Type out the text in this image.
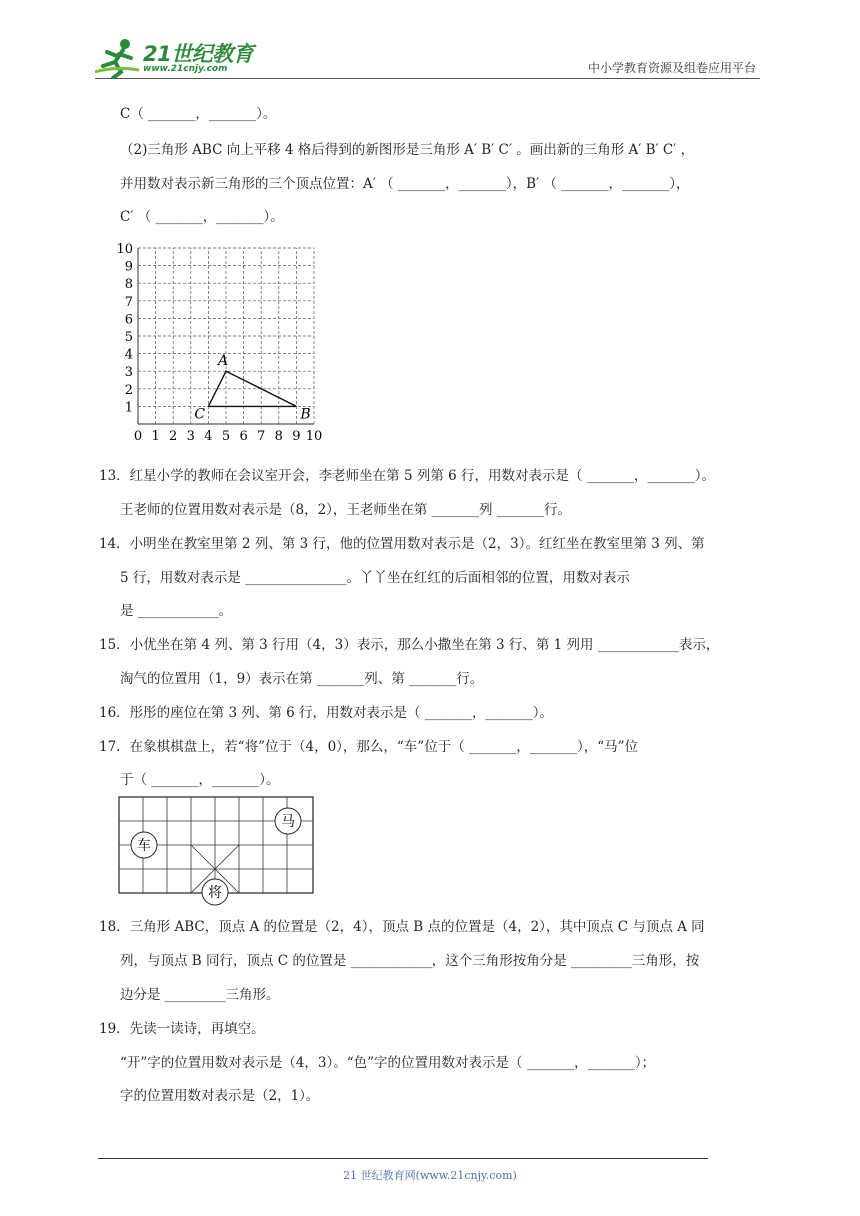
21世纪教育
www.21cnjy.com	中小学教育资源及组卷应用平台
C（ _______，_______）。
（2)三角形 ABC 向上平移 4 格后得到的新图形是三角形 A′ B′ C′ 。画出新的三角形 A′ B′ C′ ，
并用数对表示新三角形的三个顶点位置：A′ （ _______，_______），B′ （ _______，_______），
C′ （ _______，_______）。
0 1 2 3 4 5 6 7 8 9 10
10
9
8
7
6
5
4
3
2
1
A
B
C
13．红星小学的教师在会议室开会，李老师坐在第 5 列第 6 行，用数对表示是（ _______，_______）。
王老师的位置用数对表示是（8，2），王老师坐在第 _______列 _______行。
14．小明坐在教室里第 2 列、第 3 行，他的位置用数对表示是（2，3）。红红坐在教室里第 3 列、第
5 行，用数对表示是 _______________。丫丫坐在红红的后面相邻的位置，用数对表示
是 ____________。
15．小优坐在第 4 列、第 3 行用（4，3）表示，那么小撒坐在第 3 行、第 1 列用 ____________表示，
淘气的位置用（1，9）表示在第 _______列、第 _______行。
16．彤彤的座位在第 3 列、第 6 行，用数对表示是（ _______，_______）。
17．在象棋棋盘上，若“将”位于（4，0），那么，“车”位于（ _______，_______），“马”位
于（ _______，_______）。
车
马
将
18．三角形 ABC，顶点 A 的位置是（2，4），顶点 B 点的位置是（4，2），其中顶点 C 与顶点 A 同
列，与顶点 B 同行，顶点 C 的位置是 ____________，这个三角形按角分是 _________三角形，按
边分是 _________三角形。
19．先读一读诗，再填空。
“开”字的位置用数对表示是（4，3）。“色”字的位置用数对表示是（ _______，_______）；
字的位置用数对表示是（2，1）。
21 世纪教育网(www.21cnjy.com)
